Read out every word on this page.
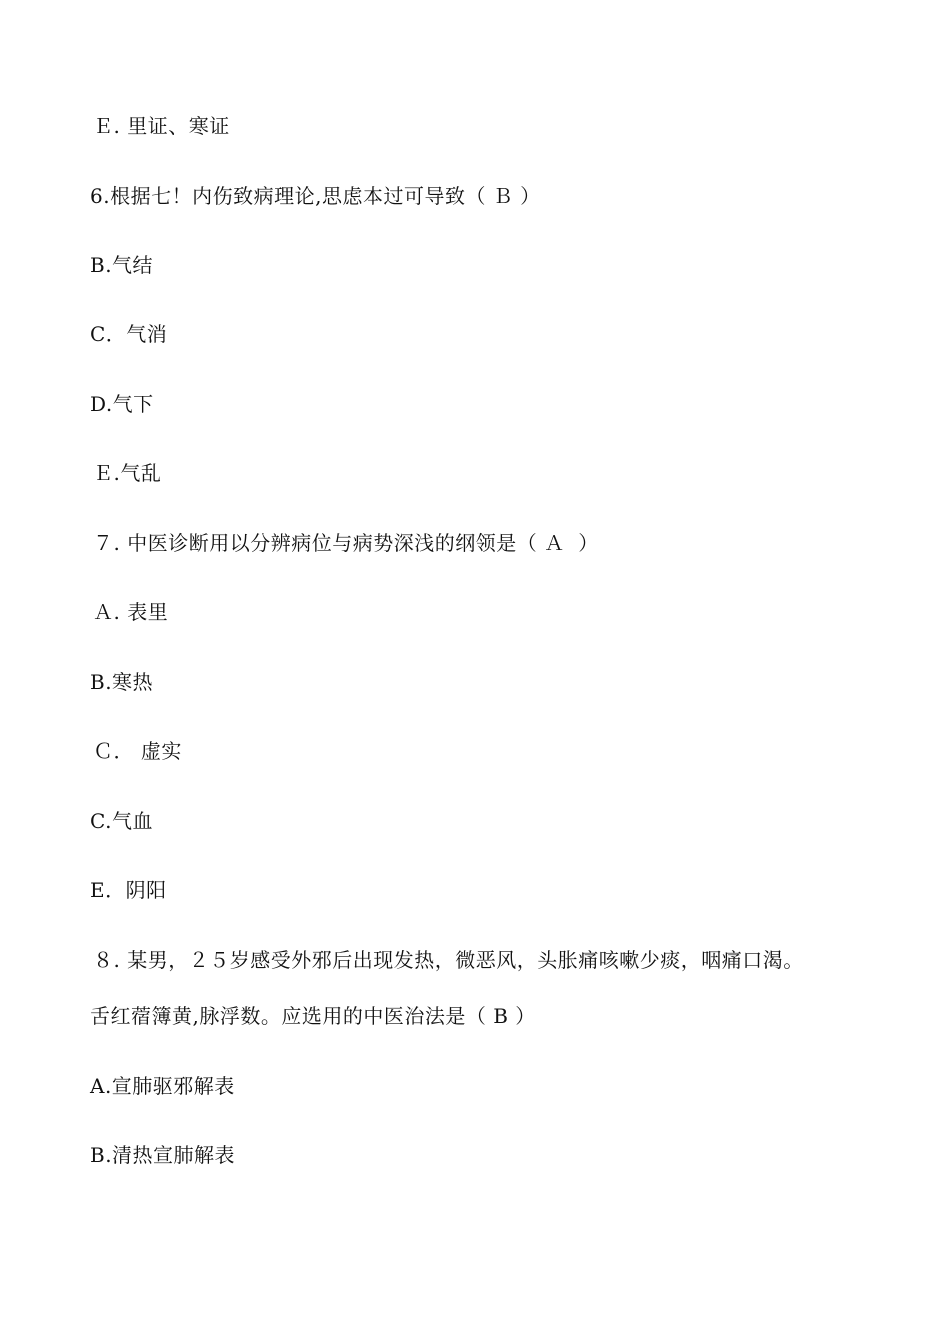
Ｅ. 里证、寒证
6.根据七！内伤致病理论,思虑本过可导致（ Ｂ ）
B.气结
C．气消
D.气下
Ｅ.气乱
７. 中医诊断用以分辨病位与病势深浅的纲领是（ Ａ  ）
Ａ. 表里
B.寒热
Ｃ． 虚实
C.气血
E．阴阳
８. 某男，２５岁感受外邪后出现发热，微恶风，头胀痛咳嗽少痰，咽痛口渴。
舌红蓿簿黄,脉浮数。应选用的中医治法是（ B ）
A.宣肺驱邪解表
B.清热宣肺解表
